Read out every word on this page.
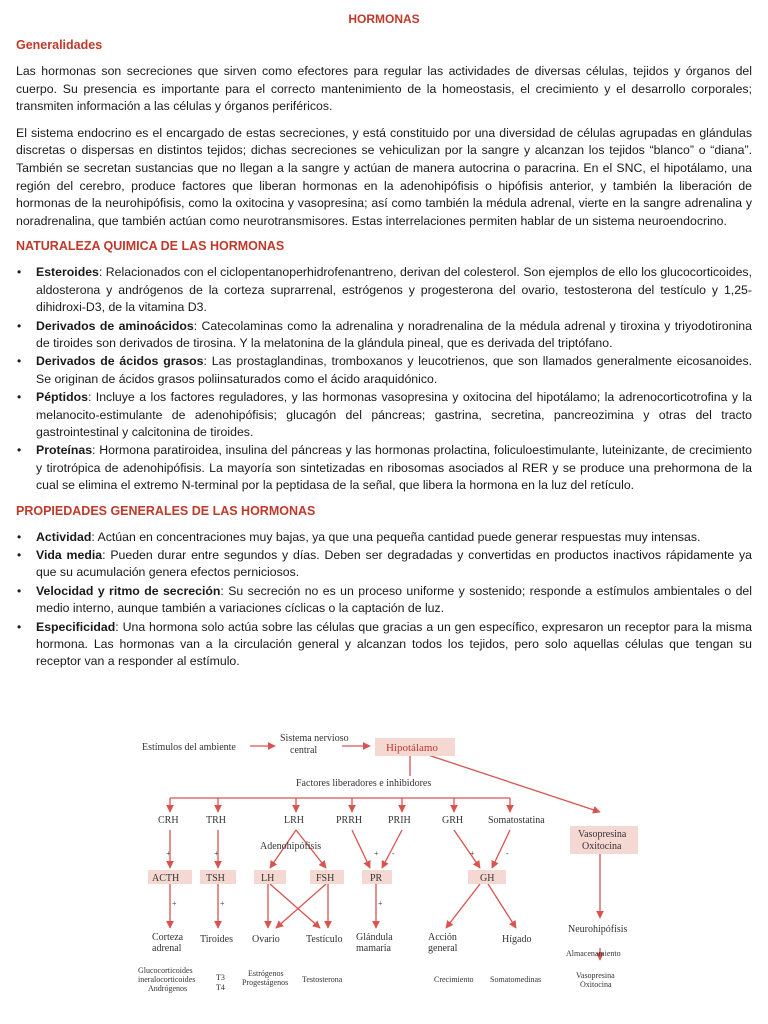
HORMONAS
Generalidades

Las hormonas son secreciones que sirven como efectores para regular las actividades de diversas células, tejidos y órganos del cuerpo. Su presencia es importante para el correcto mantenimiento de la homeostasis, el crecimiento y el desarrollo corporales; transmiten información a las células y órganos periféricos.

El sistema endocrino es el encargado de estas secreciones, y está constituido por una diversidad de células agrupadas en glándulas discretas o dispersas en distintos tejidos; dichas secreciones se vehiculizan por la sangre y alcanzan los tejidos “blanco” o “diana”. También se secretan sustancias que no llegan a la sangre y actúan de manera autocrina o paracrina. En el SNC, el hipotálamo, una región del cerebro, produce factores que liberan hormonas en la adenohipófisis o hipófisis anterior, y también la liberación de hormonas de la neurohipófisis, como la oxitocina y vasopresina; así como también la médula adrenal, vierte en la sangre adrenalina y noradrenalina, que también actúan como neurotransmisores. Estas interrelaciones permiten hablar de un sistema neuroendocrino.

NATURALEZA QUIMICA DE LAS HORMONAS
• Esteroides: Relacionados con el ciclopentanoperhidrofenantreno, derivan del colesterol. Son ejemplos de ello los glucocorticoides, aldosterona y andrógenos de la corteza suprarrenal, estrógenos y progesterona del ovario, testosterona del testículo y 1,25-dihidroxi-D3, de la vitamina D3.
• Derivados de aminoácidos: Catecolaminas como la adrenalina y noradrenalina de la médula adrenal y tiroxina y triyodotironina de tiroides son derivados de tirosina. Y la melatonina de la glándula pineal, que es derivada del triptófano.
• Derivados de ácidos grasos: Las prostaglandinas, tromboxanos y leucotrienos, que son llamados generalmente eicosanoides. Se originan de ácidos grasos poliinsaturados como el ácido araquidónico.
• Péptidos: Incluye a los factores reguladores, y las hormonas vasopresina y oxitocina del hipotálamo; la adrenocorticotrofina y la melanocito-estimulante de adenohipófisis; glucagón del páncreas; gastrina, secretina, pancreozimina y otras del tracto gastrointestinal y calcitonina de tiroides.
• Proteínas: Hormona paratiroidea, insulina del páncreas y las hormonas prolactina, foliculoestimulante, luteinizante, de crecimiento y tirotrópica de adenohipófisis. La mayoría son sintetizadas en ribosomas asociados al RER y se produce una prehormona de la cual se elimina el extremo N-terminal por la peptidasa de la señal, que libera la hormona en la luz del retículo.
PROPIEDADES GENERALES DE LAS HORMONAS
• Actividad: Actúan en concentraciones muy bajas, ya que una pequeña cantidad puede generar respuestas muy intensas.
• Vida media: Pueden durar entre segundos y días. Deben ser degradadas y convertidas en productos inactivos rápidamente ya que su acumulación genera efectos perniciosos.
• Velocidad y ritmo de secreción: Su secreción no es un proceso uniforme y sostenido; responde a estímulos ambientales o del medio interno, aunque también a variaciones cíclicas o la captación de luz.
• Especificidad: Una hormona solo actúa sobre las células que gracias a un gen específico, expresaron un receptor para la misma hormona. Las hormonas van a la circulación general y alcanzan todos los tejidos, pero solo aquellas células que tengan su receptor van a responder al estímulo.
Estímulos del ambiente
Sistema nervioso
central	Hipotálamo
Factores liberadores e inhibidores
CRH	TRH	LRH	PRRH	PRIH	GRH Somatostatina
Vasopresina
Oxitocina
Adenohipófisis
ACTH	TSH	LH	FSH	PR	GH
+	+	+ -	+	-
+	+	+
Corteza
adrenal
Tiroides Ovario	Testículo Glándula
mamaria
Acción
general
Hígado
Neurohipófisis
Almacenamiento
Glucocorticoides
ineralocorticoides
Andrógenos
T3
T4
Estrógenos
Progestágenos Testosterona	Crecimiento Somatomedinas	Vasopresina
Oxitocina
